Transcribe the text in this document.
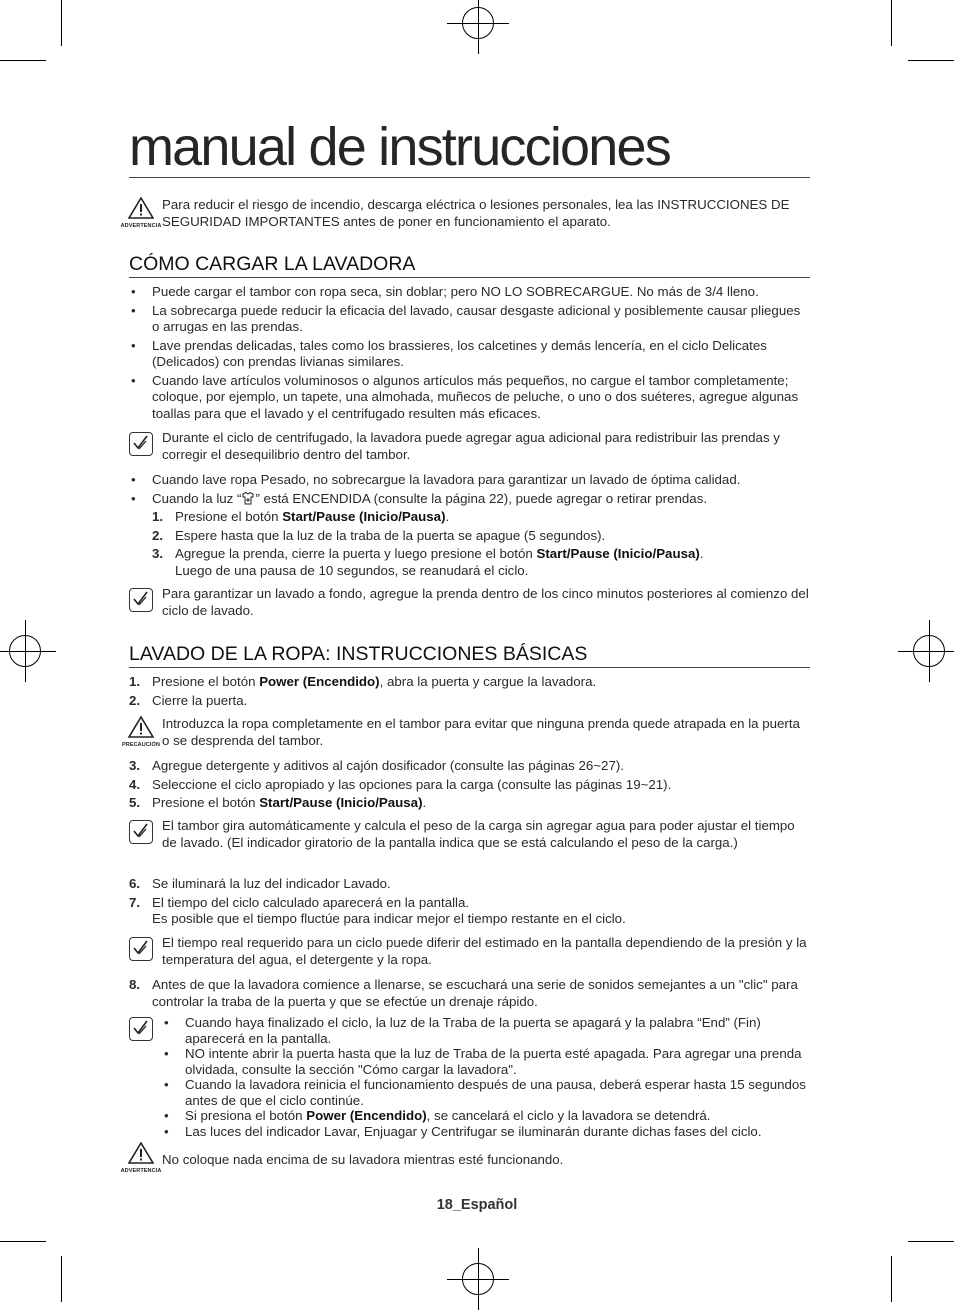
manual de instrucciones
ADVERTENCIA
Para reducir el riesgo de incendio, descarga eléctrica o lesiones personales, lea las INSTRUCCIONES DE SEGURIDAD IMPORTANTES antes de poner en funcionamiento el aparato.
CÓMO CARGAR LA LAVADORA
• Puede cargar el tambor con ropa seca, sin doblar; pero NO LO SOBRECARGUE. No más de 3/4 lleno.
• La sobrecarga puede reducir la eficacia del lavado, causar desgaste adicional y posiblemente causar pliegues o arrugas en las prendas.
• Lave prendas delicadas, tales como los brassieres, los calcetines y demás lencería, en el ciclo Delicates (Delicados) con prendas livianas similares.
• Cuando lave artículos voluminosos o algunos artículos más pequeños, no cargue el tambor completamente; coloque, por ejemplo, un tapete, una almohada, muñecos de peluche, o uno o dos suéteres, agregue algunas toallas para que el lavado y el centrifugado resulten más eficaces.
Durante el ciclo de centrifugado, la lavadora puede agregar agua adicional para redistribuir las prendas y corregir el desequilibrio dentro del tambor.
• Cuando lave ropa Pesado, no sobrecargue la lavadora para garantizar un lavado de óptima calidad.
• Cuando la luz “ ” está ENCENDIDA (consulte la página 22), puede agregar o retirar prendas.
1. Presione el botón Start/Pause (Inicio/Pausa).
2. Espere hasta que la luz de la traba de la puerta se apague (5 segundos).
3. Agregue la prenda, cierre la puerta y luego presione el botón Start/Pause (Inicio/Pausa).
Luego de una pausa de 10 segundos, se reanudará el ciclo.
Para garantizar un lavado a fondo, agregue la prenda dentro de los cinco minutos posteriores al comienzo del ciclo de lavado.
LAVADO DE LA ROPA: INSTRUCCIONES BÁSICAS
1. Presione el botón Power (Encendido), abra la puerta y cargue la lavadora.
2. Cierre la puerta.
PRECAUCIÓN
Introduzca la ropa completamente en el tambor para evitar que ninguna prenda quede atrapada en la puerta o se desprenda del tambor.
3. Agregue detergente y aditivos al cajón dosificador (consulte las páginas 26~27).
4. Seleccione el ciclo apropiado y las opciones para la carga (consulte las páginas 19~21).
5. Presione el botón Start/Pause (Inicio/Pausa).
El tambor gira automáticamente y calcula el peso de la carga sin agregar agua para poder ajustar el tiempo de lavado. (El indicador giratorio de la pantalla indica que se está calculando el peso de la carga.)
6. Se iluminará la luz del indicador Lavado.
7. El tiempo del ciclo calculado aparecerá en la pantalla.
Es posible que el tiempo fluctúe para indicar mejor el tiempo restante en el ciclo.
El tiempo real requerido para un ciclo puede diferir del estimado en la pantalla dependiendo de la presión y la temperatura del agua, el detergente y la ropa.
8. Antes de que la lavadora comience a llenarse, se escuchará una serie de sonidos semejantes a un "clic" para controlar la traba de la puerta y que se efectúe un drenaje rápido.
• Cuando haya finalizado el ciclo, la luz de la Traba de la puerta se apagará y la palabra “End” (Fin) aparecerá en la pantalla.
• NO intente abrir la puerta hasta que la luz de Traba de la puerta esté apagada. Para agregar una prenda olvidada, consulte la sección "Cómo cargar la lavadora".
• Cuando la lavadora reinicia el funcionamiento después de una pausa, deberá esperar hasta 15 segundos antes de que el ciclo continúe.
• Si presiona el botón Power (Encendido), se cancelará el ciclo y la lavadora se detendrá.
• Las luces del indicador Lavar, Enjuagar y Centrifugar se iluminarán durante dichas fases del ciclo.
ADVERTENCIA
No coloque nada encima de su lavadora mientras esté funcionando.
18_Español
